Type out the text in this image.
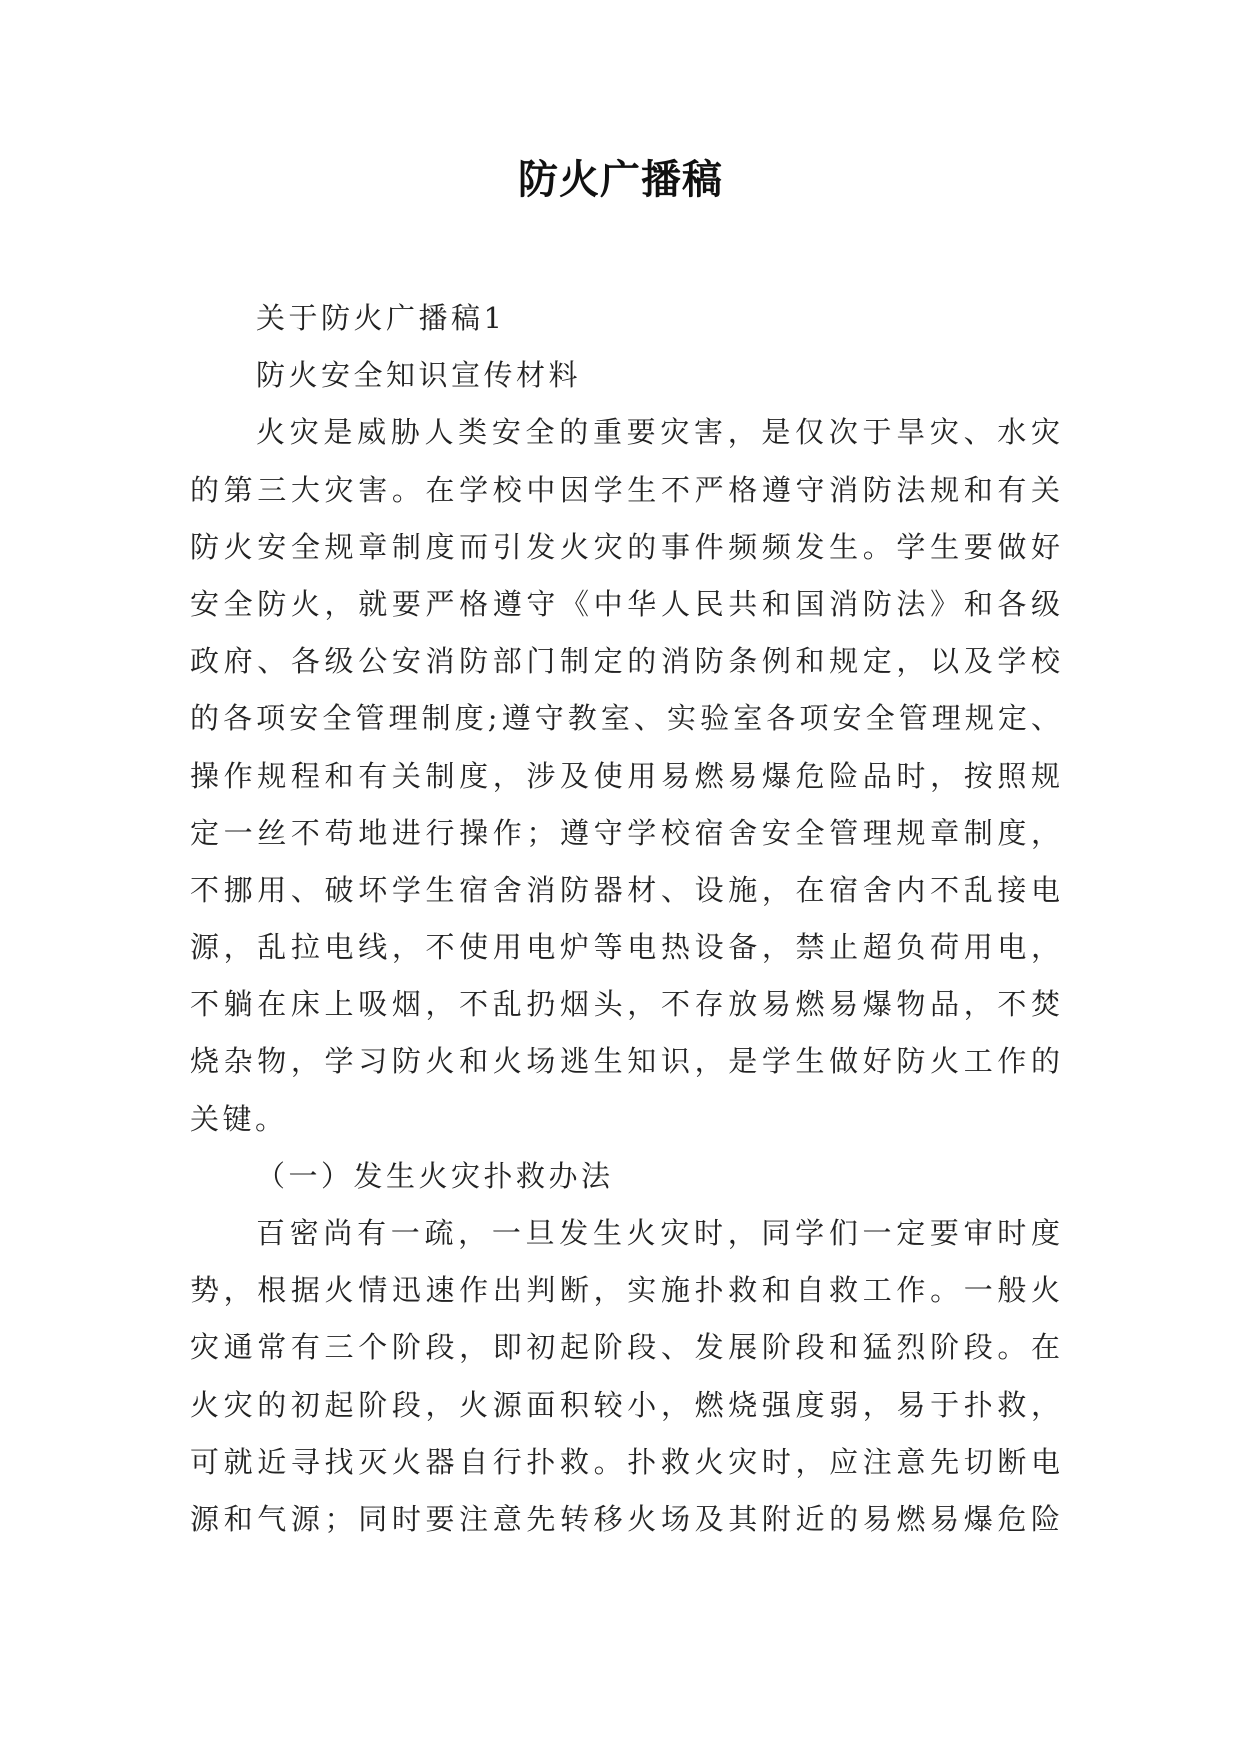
防火广播稿
关于防火广播稿1
防火安全知识宣传材料
火灾是威胁人类安全的重要灾害，是仅次于旱灾、水灾
的第三大灾害。在学校中因学生不严格遵守消防法规和有关
防火安全规章制度而引发火灾的事件频频发生。学生要做好
安全防火，就要严格遵守《中华人民共和国消防法》和各级
政府、各级公安消防部门制定的消防条例和规定，以及学校
的各项安全管理制度;遵守教室、实验室各项安全管理规定、
操作规程和有关制度，涉及使用易燃易爆危险品时，按照规
定一丝不苟地进行操作；遵守学校宿舍安全管理规章制度，
不挪用、破坏学生宿舍消防器材、设施，在宿舍内不乱接电
源，乱拉电线，不使用电炉等电热设备，禁止超负荷用电，
不躺在床上吸烟，不乱扔烟头，不存放易燃易爆物品，不焚
烧杂物，学习防火和火场逃生知识，是学生做好防火工作的
关键。
（一）发生火灾扑救办法
百密尚有一疏，一旦发生火灾时，同学们一定要审时度
势，根据火情迅速作出判断，实施扑救和自救工作。一般火
灾通常有三个阶段，即初起阶段、发展阶段和猛烈阶段。在
火灾的初起阶段，火源面积较小，燃烧强度弱，易于扑救，
可就近寻找灭火器自行扑救。扑救火灾时，应注意先切断电
源和气源；同时要注意先转移火场及其附近的易燃易爆危险
